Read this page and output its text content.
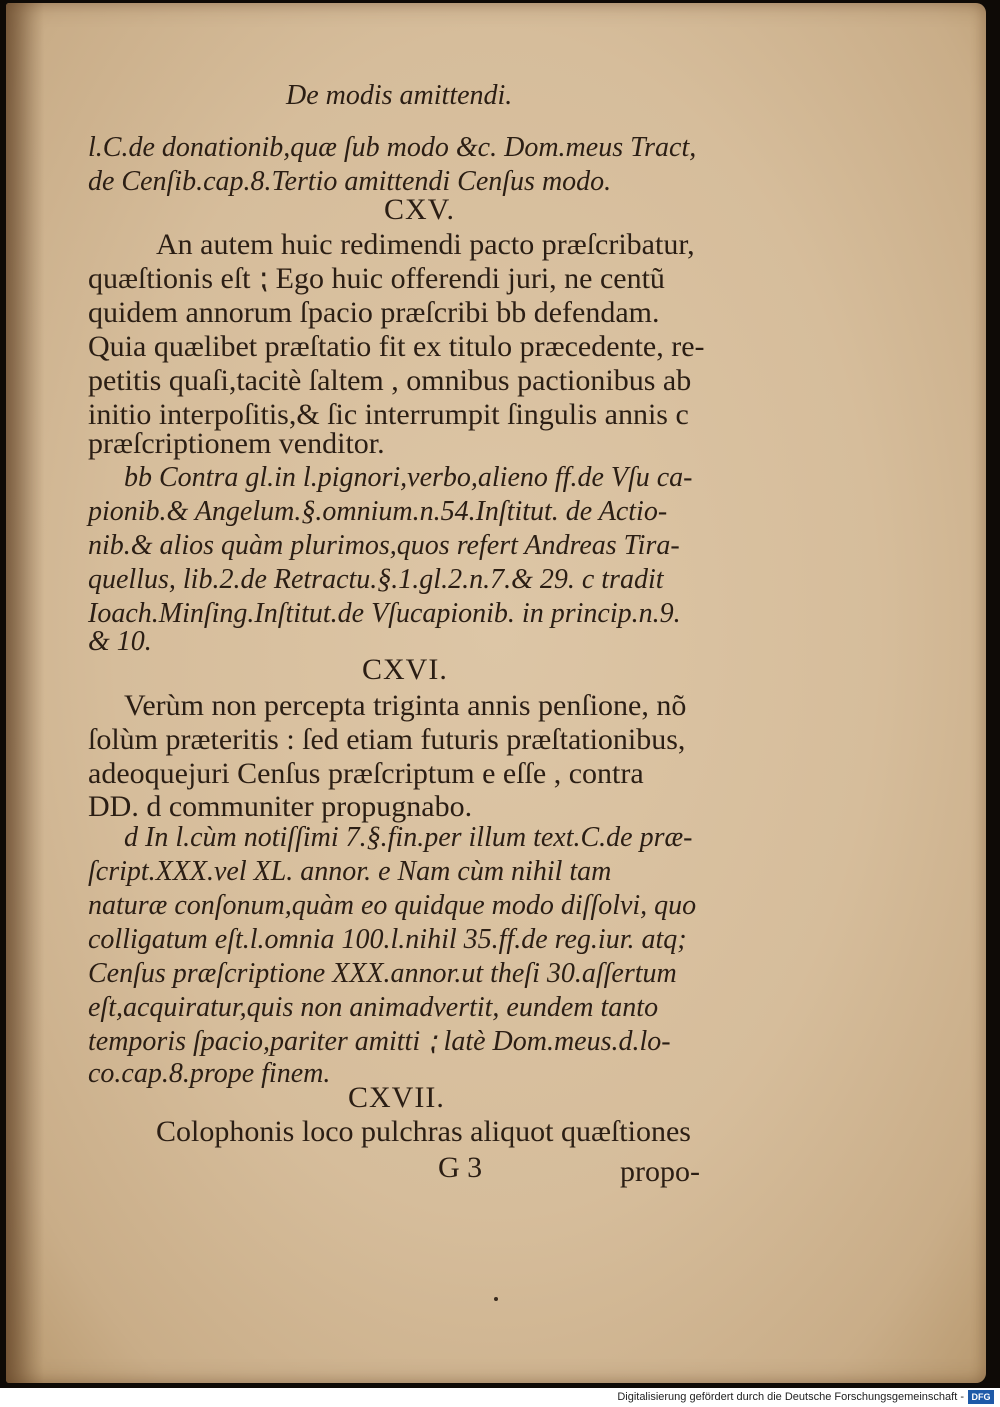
De modis amittendi.
l.C.de donationib,quæ ſub modo &c. Dom.meus Tract,
de Cenſib.cap.8.Tertio amittendi Cenſus modo.
CXV.
An autem huic redimendi pacto præſcribatur,
quæſtionis eſt ⁏ Ego huic offerendi juri, ne centũ
quidem annorum ſpacio præſcribi bb defendam.
Quia quælibet præſtatio fit ex titulo præcedente, re-
petitis quaſi,tacitè ſaltem , omnibus pactionibus ab
initio interpoſitis,& ſic interrumpit ſingulis annis c
præſcriptionem venditor.
bb Contra gl.in l.pignori,verbo,alieno ff.de Vſu ca-
pionib.& Angelum.§.omnium.n.54.Inſtitut. de Actio-
nib.& alios quàm plurimos,quos refert Andreas Tira-
quellus, lib.2.de Retractu.§.1.gl.2.n.7.& 29. c tradit
Ioach.Minſing.Inſtitut.de Vſucapionib. in princip.n.9.
& 10.
CXVI.
Verùm non percepta triginta annis penſione, nõ
ſolùm præteritis : ſed etiam futuris præſtationibus,
adeoquejuri Cenſus præſcriptum e eſſe , contra
DD. d communiter propugnabo.
d In l.cùm notiſſimi 7.§.fin.per illum text.C.de præ-
ſcript.XXX.vel XL. annor. e Nam cùm nihil tam
naturæ conſonum,quàm eo quidque modo diſſolvi, quo
colligatum eſt.l.omnia 100.l.nihil 35.ff.de reg.iur. atq;
Cenſus præſcriptione XXX.annor.ut theſi 30.aſſertum
eſt,acquiratur,quis non animadvertit, eundem tanto
temporis ſpacio,pariter amitti ⁏ latè Dom.meus.d.lo-
co.cap.8.prope finem.
CXVII.
Colophonis loco pulchras aliquot quæſtiones
G 3	propo-
Digitalisierung gefördert durch die Deutsche Forschungsgemeinschaft - DFG
